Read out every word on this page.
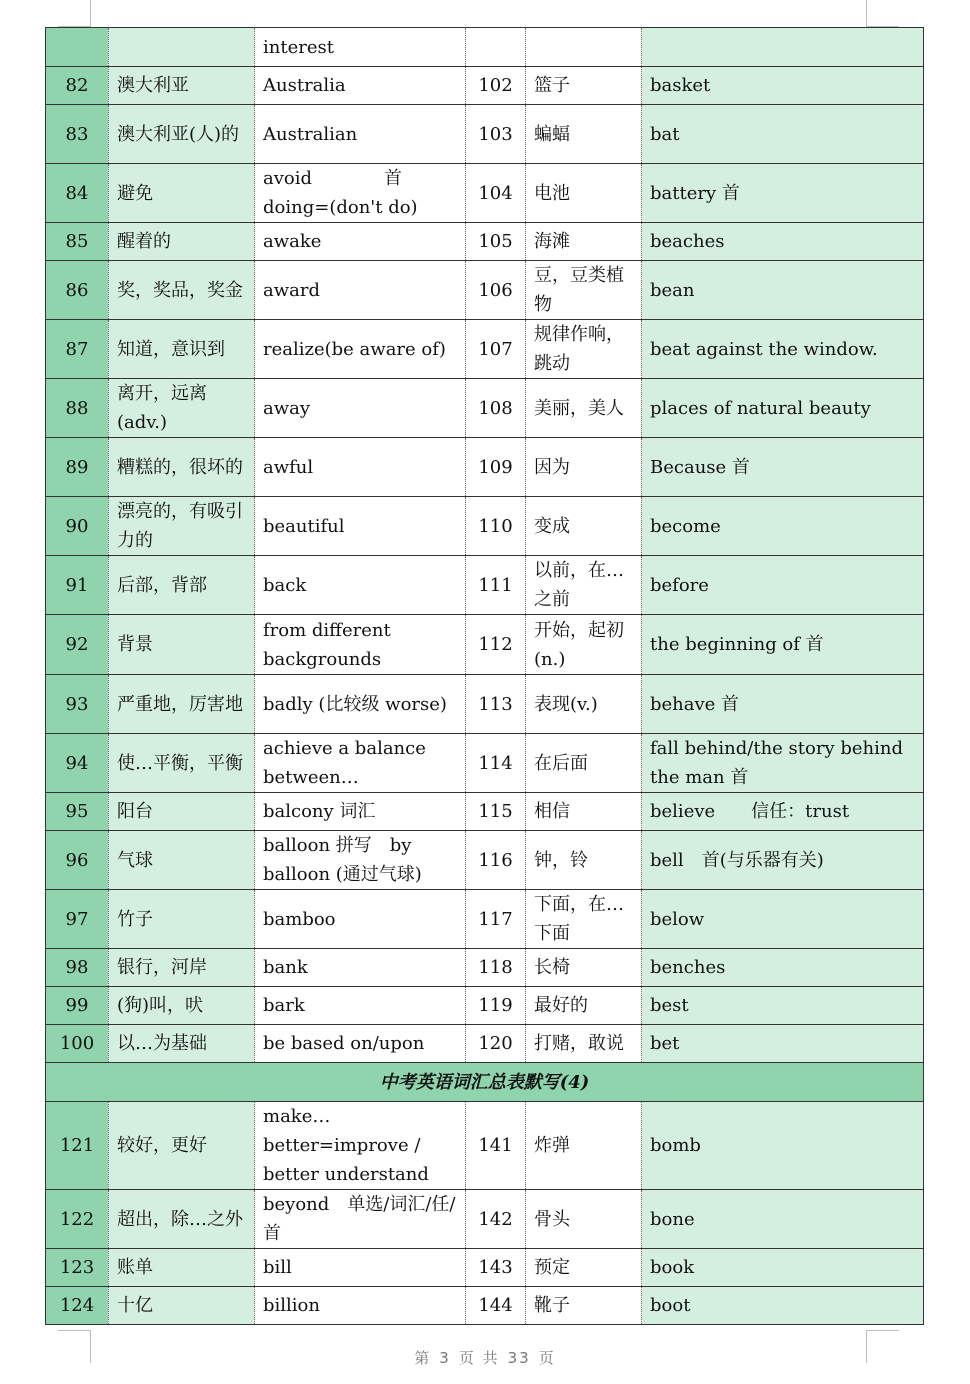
		interest			
82	澳大利亚	Australia	102	篮子	basket
83	澳大利亚(人)的	Australian	103	蝙蝠	bat
84	避免	avoid　　　　首 doing=(don't do)	104	电池	battery 首
85	醒着的	awake	105	海滩	beaches
86	奖，奖品，奖金	award	106	豆，豆类植物	bean
87	知道，意识到	realize(be aware of)	107	规律作响，跳动	beat against the window.
88	离开，远离(adv.)	away	108	美丽，美人	places of natural beauty
89	糟糕的，很坏的	awful	109	因为	Because 首
90	漂亮的，有吸引力的	beautiful	110	变成	become
91	后部，背部	back	111	以前，在…之前	before
92	背景	from different backgrounds	112	开始，起初(n.)	the beginning of 首
93	严重地，厉害地	badly (比较级 worse)	113	表现(v.)	behave 首
94	使…平衡，平衡	achieve a balance between…	114	在后面	fall behind/the story behind the man 首
95	阳台	balcony 词汇	115	相信	believe　　信任：trust
96	气球	balloon 拼写　by balloon (通过气球)	116	钟，铃	bell　首(与乐器有关)
97	竹子	bamboo	117	下面，在…下面	below
98	银行，河岸	bank	118	长椅	benches
99	(狗)叫，吠	bark	119	最好的	best
100	以…为基础	be based on/upon	120	打赌，敢说	bet
中考英语词汇总表默写(4)					
121	较好，更好	make…better=improve / better understand	141	炸弹	bomb
122	超出，除…之外	beyond　单选/词汇/任/首	142	骨头	bone
123	账单	bill	143	预定	book
124	十亿	billion	144	靴子	boot
第 3 页 共 33 页
